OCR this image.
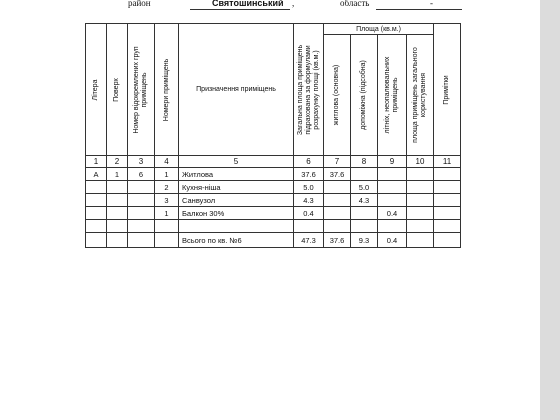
район	Святошинський ,	область	-
Літера	Поверх	Номер відокремлених груп приміщень	Номери приміщень	Призначення приміщень	Загальна площа приміщень підрахована за формулами розрахунку площі (кв.м.)	Площа (кв.м.)				Примітки

						житлова (основна)	допоміжна (підсобна)	літніх, неопалювальних приміщень	площа приміщень загального користування	

1	2	3	4	5	6	7	8	9	10	11
А	1	6	1	Житлова	37.6	37.6				
			2	Кухня-ніша	5.0		5.0			
			3	Санвузол	4.3		4.3			
			1	Балкон 30%	0.4			0.4		

				Всього по кв. №6	47.3	37.6	9.3	0.4		
